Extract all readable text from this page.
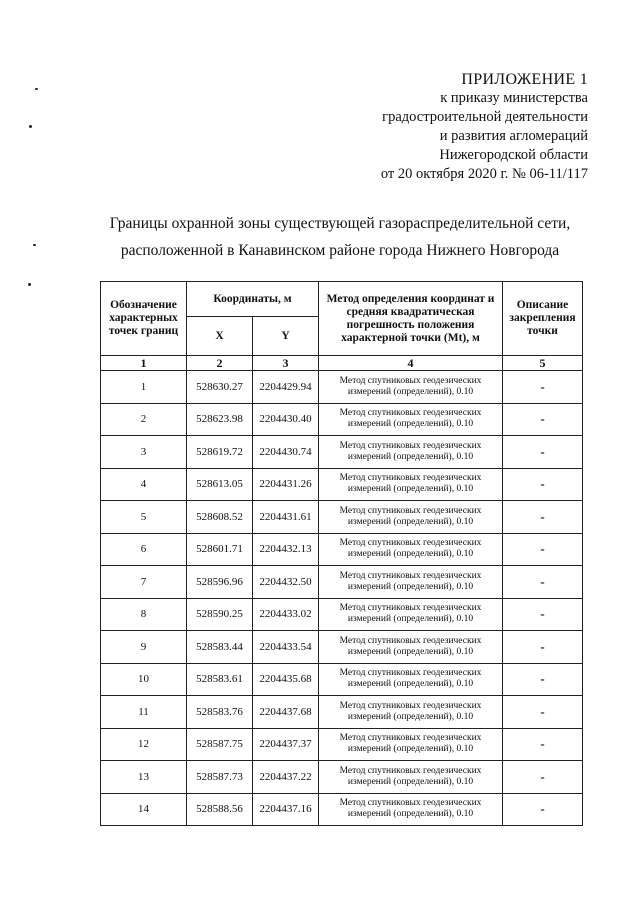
ПРИЛОЖЕНИЕ 1
к приказу министерства
градостроительной деятельности
и развития агломераций
Нижегородской области
от 20 октября 2020 г. № 06-11/117
Границы охранной зоны существующей газораспределительной сети,
расположенной в Канавинском районе города Нижнего Новгорода
Обозначение характерных точек границ	Координаты, м		Метод определения координат и средняя квадратическая погрешность положения характерной точки (Mt), м	Описание закрепления точки
	X	Y		
1	2	3	4	5
1	528630.27	2204429.94	Метод спутниковых геодезических измерений (определений), 0.10	-
2	528623.98	2204430.40	Метод спутниковых геодезических измерений (определений), 0.10	-
3	528619.72	2204430.74	Метод спутниковых геодезических измерений (определений), 0.10	-
4	528613.05	2204431.26	Метод спутниковых геодезических измерений (определений), 0.10	-
5	528608.52	2204431.61	Метод спутниковых геодезических измерений (определений), 0.10	-
6	528601.71	2204432.13	Метод спутниковых геодезических измерений (определений), 0.10	-
7	528596.96	2204432.50	Метод спутниковых геодезических измерений (определений), 0.10	-
8	528590.25	2204433.02	Метод спутниковых геодезических измерений (определений), 0.10	-
9	528583.44	2204433.54	Метод спутниковых геодезических измерений (определений), 0.10	-
10	528583.61	2204435.68	Метод спутниковых геодезических измерений (определений), 0.10	-
11	528583.76	2204437.68	Метод спутниковых геодезических измерений (определений), 0.10	-
12	528587.75	2204437.37	Метод спутниковых геодезических измерений (определений), 0.10	-
13	528587.73	2204437.22	Метод спутниковых геодезических измерений (определений), 0.10	-
14	528588.56	2204437.16	Метод спутниковых геодезических измерений (определений), 0.10	-
